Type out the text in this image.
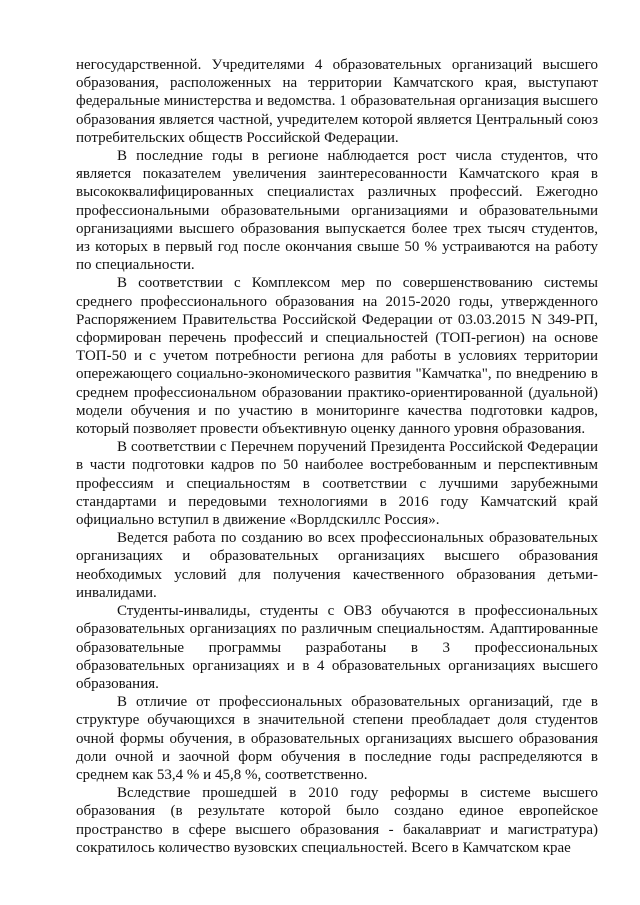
негосударственной. Учредителями 4 образовательных организаций высшего образования, расположенных на территории Камчатского края, выступают федеральные министерства и ведомства. 1 образовательная организация высшего образования является частной, учредителем которой является Центральный союз потребительских обществ Российской Федерации.

В последние годы в регионе наблюдается рост числа студентов, что является показателем увеличения заинтересованности Камчатского края в высококвалифицированных специалистах различных профессий. Ежегодно профессиональными образовательными организациями и образовательными организациями высшего образования выпускается более трех тысяч студентов, из которых в первый год после окончания свыше 50 % устраиваются на работу по специальности.

В соответствии с Комплексом мер по совершенствованию системы среднего профессионального образования на 2015-2020 годы, утвержденного Распоряжением Правительства Российской Федерации от 03.03.2015 N 349-РП, сформирован перечень профессий и специальностей (ТОП-регион) на основе ТОП-50 и с учетом потребности региона для работы в условиях территории опережающего социально-экономического развития "Камчатка", по внедрению в среднем профессиональном образовании практико-ориентированной (дуальной) модели обучения и по участию в мониторинге качества подготовки кадров, который позволяет провести объективную оценку данного уровня образования.

В соответствии с Перечнем поручений Президента Российской Федерации в части подготовки кадров по 50 наиболее востребованным и перспективным профессиям и специальностям в соответствии с лучшими зарубежными стандартами и передовыми технологиями в 2016 году Камчатский край официально вступил в движение «Ворлдскиллс Россия».

Ведется работа по созданию во всех профессиональных образовательных организациях и образовательных организациях высшего образования необходимых условий для получения качественного образования детьми-инвалидами.

Студенты-инвалиды, студенты с ОВЗ обучаются в профессиональных образовательных организациях по различным специальностям. Адаптированные образовательные программы разработаны в 3 профессиональных образовательных организациях и в 4 образовательных организациях высшего образования.

В отличие от профессиональных образовательных организаций, где в структуре обучающихся в значительной степени преобладает доля студентов очной формы обучения, в образовательных организациях высшего образования доли очной и заочной форм обучения в последние годы распределяются в среднем как 53,4 % и 45,8 %, соответственно.

Вследствие прошедшей в 2010 году реформы в системе высшего образования (в результате которой было создано единое европейское пространство в сфере высшего образования - бакалавриат и магистратура) сократилось количество вузовских специальностей. Всего в Камчатском крае
